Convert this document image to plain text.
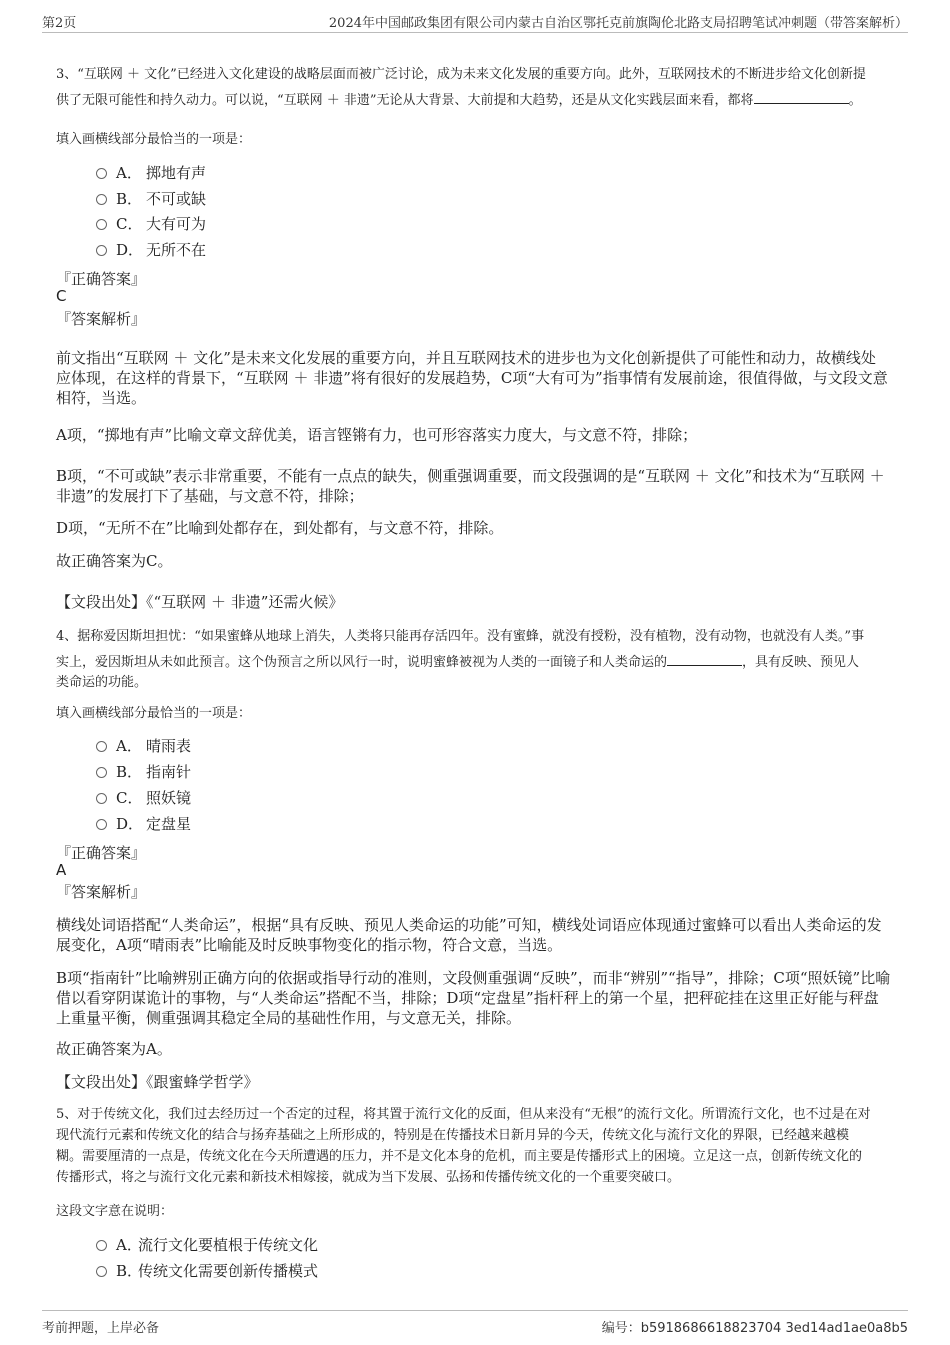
第2页	2024年中国邮政集团有限公司内蒙古自治区鄂托克前旗陶伦北路支局招聘笔试冲刺题（带答案解析）
3、“互联网 ＋ 文化”已经进入文化建设的战略层面而被广泛讨论，成为未来文化发展的重要方向。此外，互联网技术的不断进步给文化创新提
供了无限可能性和持久动力。可以说，“互联网 ＋ 非遗”无论从大背景、大前提和大趋势，还是从文化实践层面来看，都将	。
填入画横线部分最恰当的一项是：
A． 掷地有声
B． 不可或缺
C． 大有可为
D． 无所不在
『正确答案』
C
『答案解析』
前文指出“互联网 ＋ 文化”是未来文化发展的重要方向，并且互联网技术的进步也为文化创新提供了可能性和动力，故横线处
应体现，在这样的背景下，“互联网 ＋ 非遗”将有很好的发展趋势，C项“大有可为”指事情有发展前途，很值得做，与文段文意
相符，当选。
A项，“掷地有声”比喻文章文辞优美，语言铿锵有力，也可形容落实力度大，与文意不符，排除；
B项，“不可或缺”表示非常重要，不能有一点点的缺失，侧重强调重要，而文段强调的是“互联网 ＋ 文化”和技术为“互联网 ＋
非遗”的发展打下了基础，与文意不符，排除；
D项，“无所不在”比喻到处都存在，到处都有，与文意不符，排除。
故正确答案为C。
【文段出处】《“互联网 ＋ 非遗”还需火候》
4、据称爱因斯坦担忧：“如果蜜蜂从地球上消失，人类将只能再存活四年。没有蜜蜂，就没有授粉，没有植物，没有动物，也就没有人类。”事
实上，爱因斯坦从未如此预言。这个伪预言之所以风行一时，说明蜜蜂被视为人类的一面镜子和人类命运的	，具有反映、预见人
类命运的功能。
填入画横线部分最恰当的一项是：
A． 晴雨表
B． 指南针
C． 照妖镜
D． 定盘星
『正确答案』
A
『答案解析』
横线处词语搭配“人类命运”，根据“具有反映、预见人类命运的功能”可知，横线处词语应体现通过蜜蜂可以看出人类命运的发
展变化，A项“晴雨表”比喻能及时反映事物变化的指示物，符合文意，当选。
B项“指南针”比喻辨别正确方向的依据或指导行动的准则，文段侧重强调“反映”，而非“辨别”“指导”，排除；C项“照妖镜”比喻
借以看穿阴谋诡计的事物，与“人类命运”搭配不当，排除；D项“定盘星”指杆秤上的第一个星，把秤砣挂在这里正好能与秤盘
上重量平衡，侧重强调其稳定全局的基础性作用，与文意无关，排除。
故正确答案为A。
【文段出处】《跟蜜蜂学哲学》
5、对于传统文化，我们过去经历过一个否定的过程，将其置于流行文化的反面，但从来没有“无根”的流行文化。所谓流行文化，也不过是在对
现代流行元素和传统文化的结合与扬弃基础之上所形成的，特别是在传播技术日新月异的今天，传统文化与流行文化的界限，已经越来越模
糊。需要厘清的一点是，传统文化在今天所遭遇的压力，并不是文化本身的危机，而主要是传播形式上的困境。立足这一点，创新传统文化的
传播形式，将之与流行文化元素和新技术相嫁接，就成为当下发展、弘扬和传播传统文化的一个重要突破口。
这段文字意在说明：
A．流行文化要植根于传统文化
B．传统文化需要创新传播模式
考前押题，上岸必备	编号：b5918686618823704 3ed14ad1ae0a8b5
